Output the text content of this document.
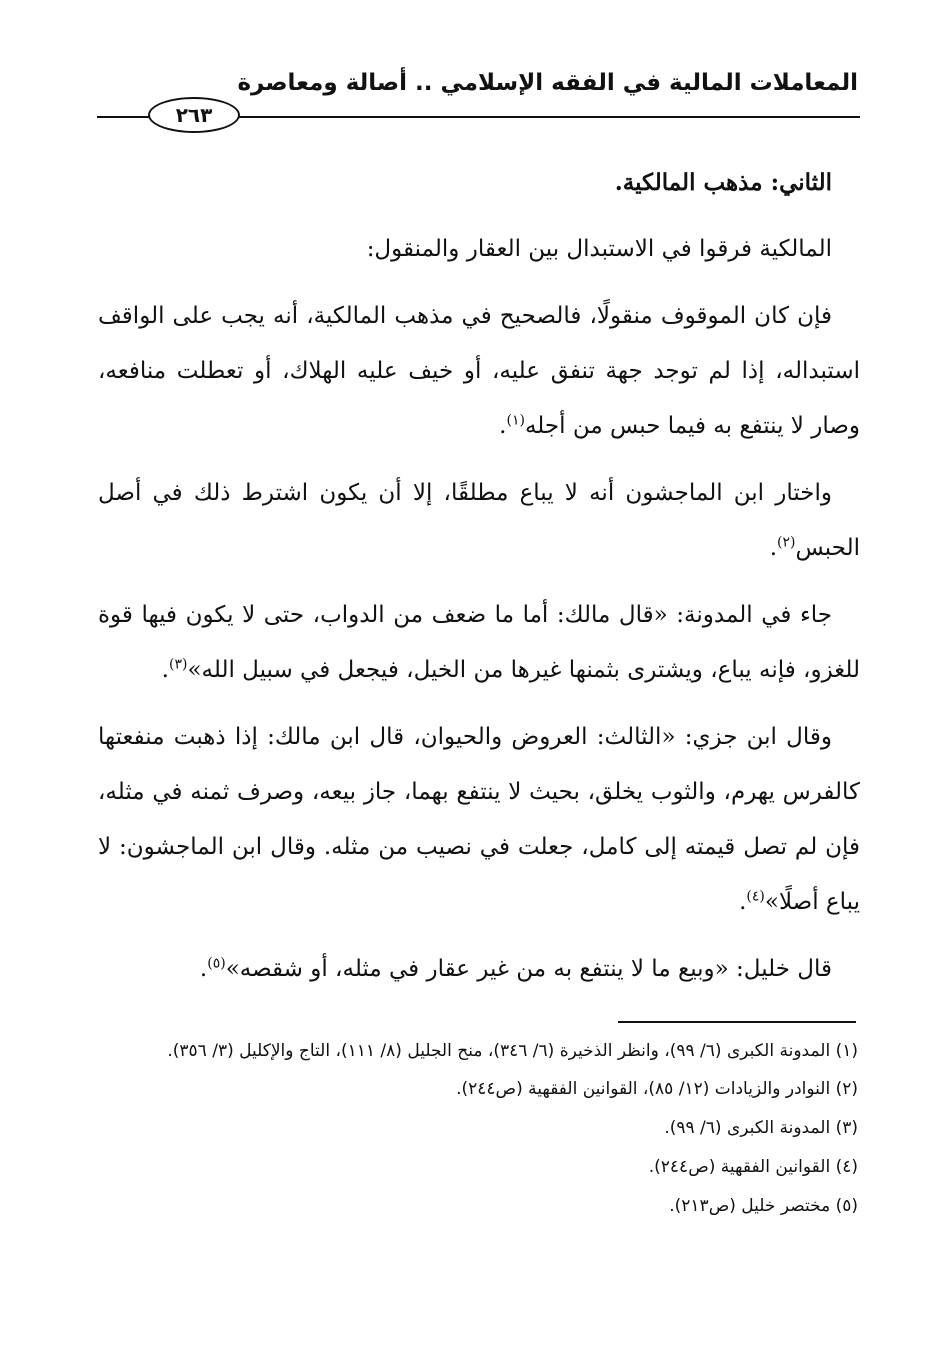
المعاملات المالية في الفقه الإسلامي .. أصالة ومعاصرة
٢٦٣

الثاني: مذهب المالكية.

المالكية فرقوا في الاستبدال بين العقار والمنقول:

فإن كان الموقوف منقولًا، فالصحيح في مذهب المالكية، أنه يجب على الواقف استبداله، إذا لم توجد جهة تنفق عليه، أو خيف عليه الهلاك، أو تعطلت منافعه، وصار لا ينتفع به فيما حبس من أجله$^{(١)}$.

واختار ابن الماجشون أنه لا يباع مطلقًا، إلا أن يكون اشترط ذلك في أصل الحبس$^{(٢)}$.

جاء في المدونة: «قال مالك: أما ما ضعف من الدواب، حتى لا يكون فيها قوة للغزو، فإنه يباع، ويشترى بثمنها غيرها من الخيل، فيجعل في سبيل الله»$^{(٣)}$.

وقال ابن جزي: «الثالث: العروض والحيوان، قال ابن مالك: إذا ذهبت منفعتها كالفرس يهرم، والثوب يخلق، بحيث لا ينتفع بهما، جاز بيعه، وصرف ثمنه في مثله، فإن لم تصل قيمته إلى كامل، جعلت في نصيب من مثله. وقال ابن الماجشون: لا يباع أصلًا»$^{(٤)}$.

قال خليل: «وبيع ما لا ينتفع به من غير عقار في مثله، أو شقصه»$^{(٥)}$.

(١) المدونة الكبرى (٦/ ٩٩)، وانظر الذخيرة (٦/ ٣٤٦)، منح الجليل (٨/ ١١١)، التاج والإكليل (٣/ ٣٥٦).

(٢) النوادر والزيادات (١٢/ ٨٥)، القوانين الفقهية (ص٢٤٤).

(٣) المدونة الكبرى (٦/ ٩٩).

(٤) القوانين الفقهية (ص٢٤٤).

(٥) مختصر خليل (ص٢١٣).
